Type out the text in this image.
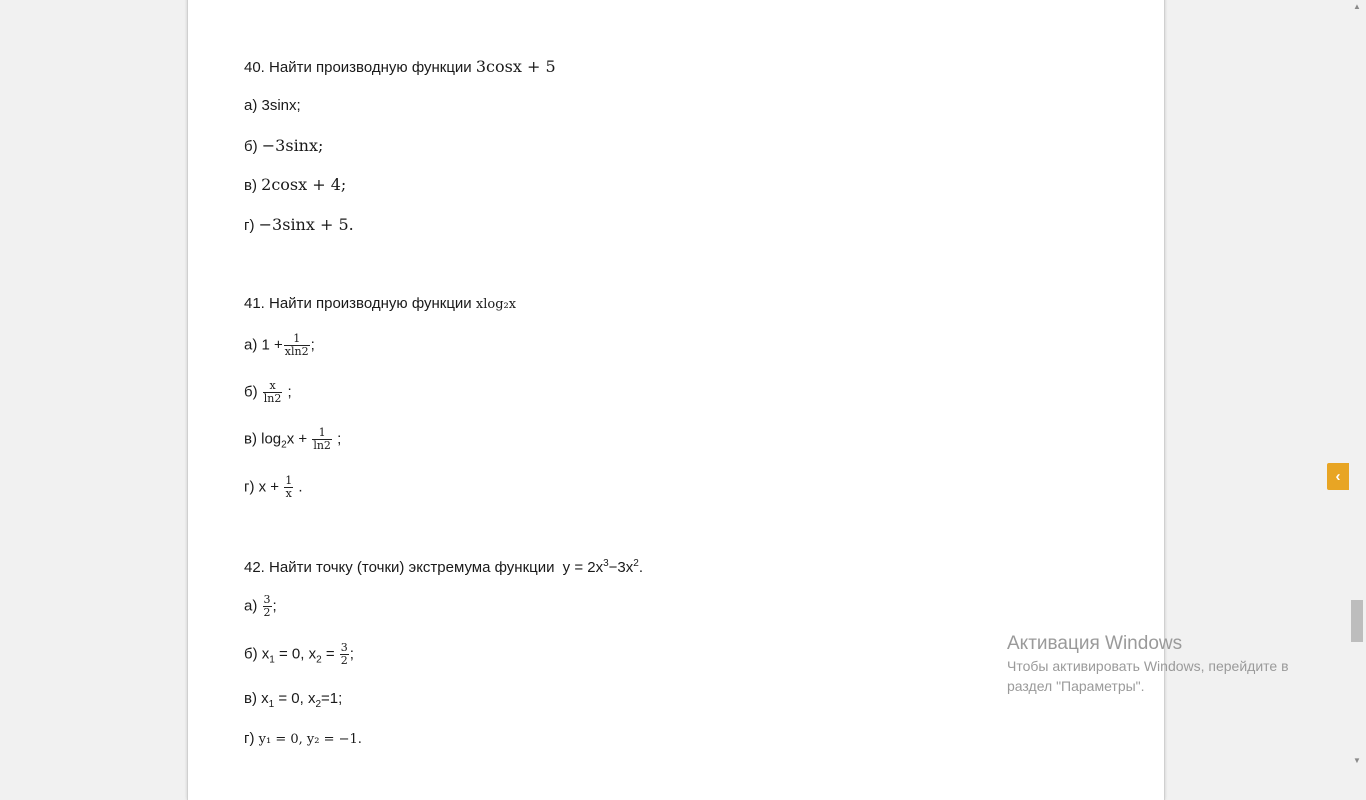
40. Найти производную функции 3cosx + 5
а) 3sinx;
б) −3sinx;
в) 2cosx + 4;
г) −3sinx + 5.
41. Найти производную функции xlog₂x
а) $1 + \frac{1}{xln2}$ ;
$б) \frac{x}{\ln 2}$ ;
в) $\log_2x + \frac{1}{\ln 2}$ ;
г) $x + \frac{1}{x}$ .
42. Найти точку (точки) экстремума функции $y = 2x^3-3x^2$.
$а) \frac{3}{2}$ ;
б) $x_1 = 0$, $x_2 = \frac{3}{2}$ ;
в) $x_1 = 0$, $x_2=1$;
г) y₁ = 0, y₂ = −1.
‹
Активация Windows
Чтобы активировать Windows, перейдите в раздел "Параметры".
▲
▼
